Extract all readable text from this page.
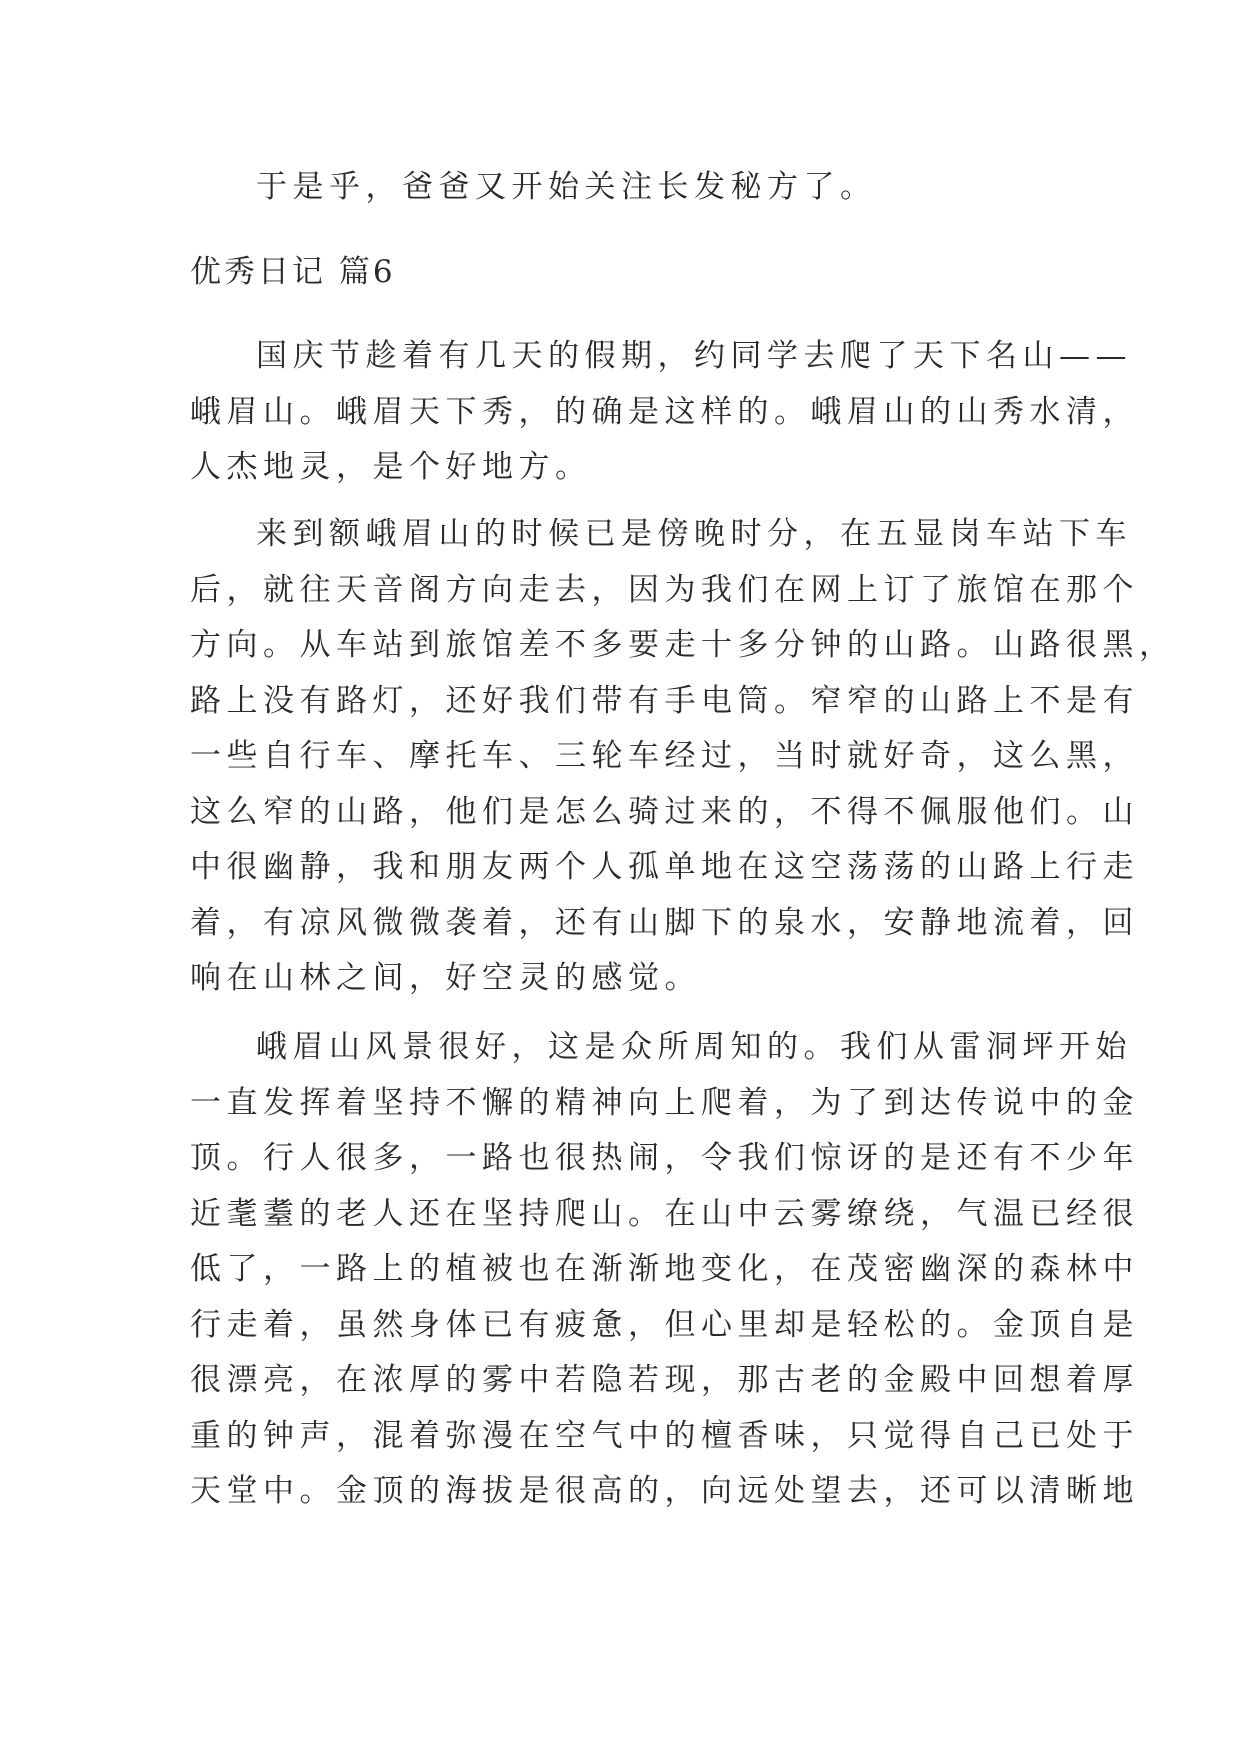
于是乎，爸爸又开始关注长发秘方了。
优秀日记 篇6
国庆节趁着有几天的假期，约同学去爬了天下名山——
峨眉山。峨眉天下秀，的确是这样的。峨眉山的山秀水清，
人杰地灵，是个好地方。
来到额峨眉山的时候已是傍晚时分，在五显岗车站下车
后，就往天音阁方向走去，因为我们在网上订了旅馆在那个
方向。从车站到旅馆差不多要走十多分钟的山路。山路很黑，
路上没有路灯，还好我们带有手电筒。窄窄的山路上不是有
一些自行车、摩托车、三轮车经过，当时就好奇，这么黑，
这么窄的山路，他们是怎么骑过来的，不得不佩服他们。山
中很幽静，我和朋友两个人孤单地在这空荡荡的山路上行走
着，有凉风微微袭着，还有山脚下的泉水，安静地流着，回
响在山林之间，好空灵的感觉。
峨眉山风景很好，这是众所周知的。我们从雷洞坪开始
一直发挥着坚持不懈的精神向上爬着，为了到达传说中的金
顶。行人很多，一路也很热闹，令我们惊讶的是还有不少年
近耄耋的老人还在坚持爬山。在山中云雾缭绕，气温已经很
低了，一路上的植被也在渐渐地变化，在茂密幽深的森林中
行走着，虽然身体已有疲惫，但心里却是轻松的。金顶自是
很漂亮，在浓厚的雾中若隐若现，那古老的金殿中回想着厚
重的钟声，混着弥漫在空气中的檀香味，只觉得自己已处于
天堂中。金顶的海拔是很高的，向远处望去，还可以清晰地
